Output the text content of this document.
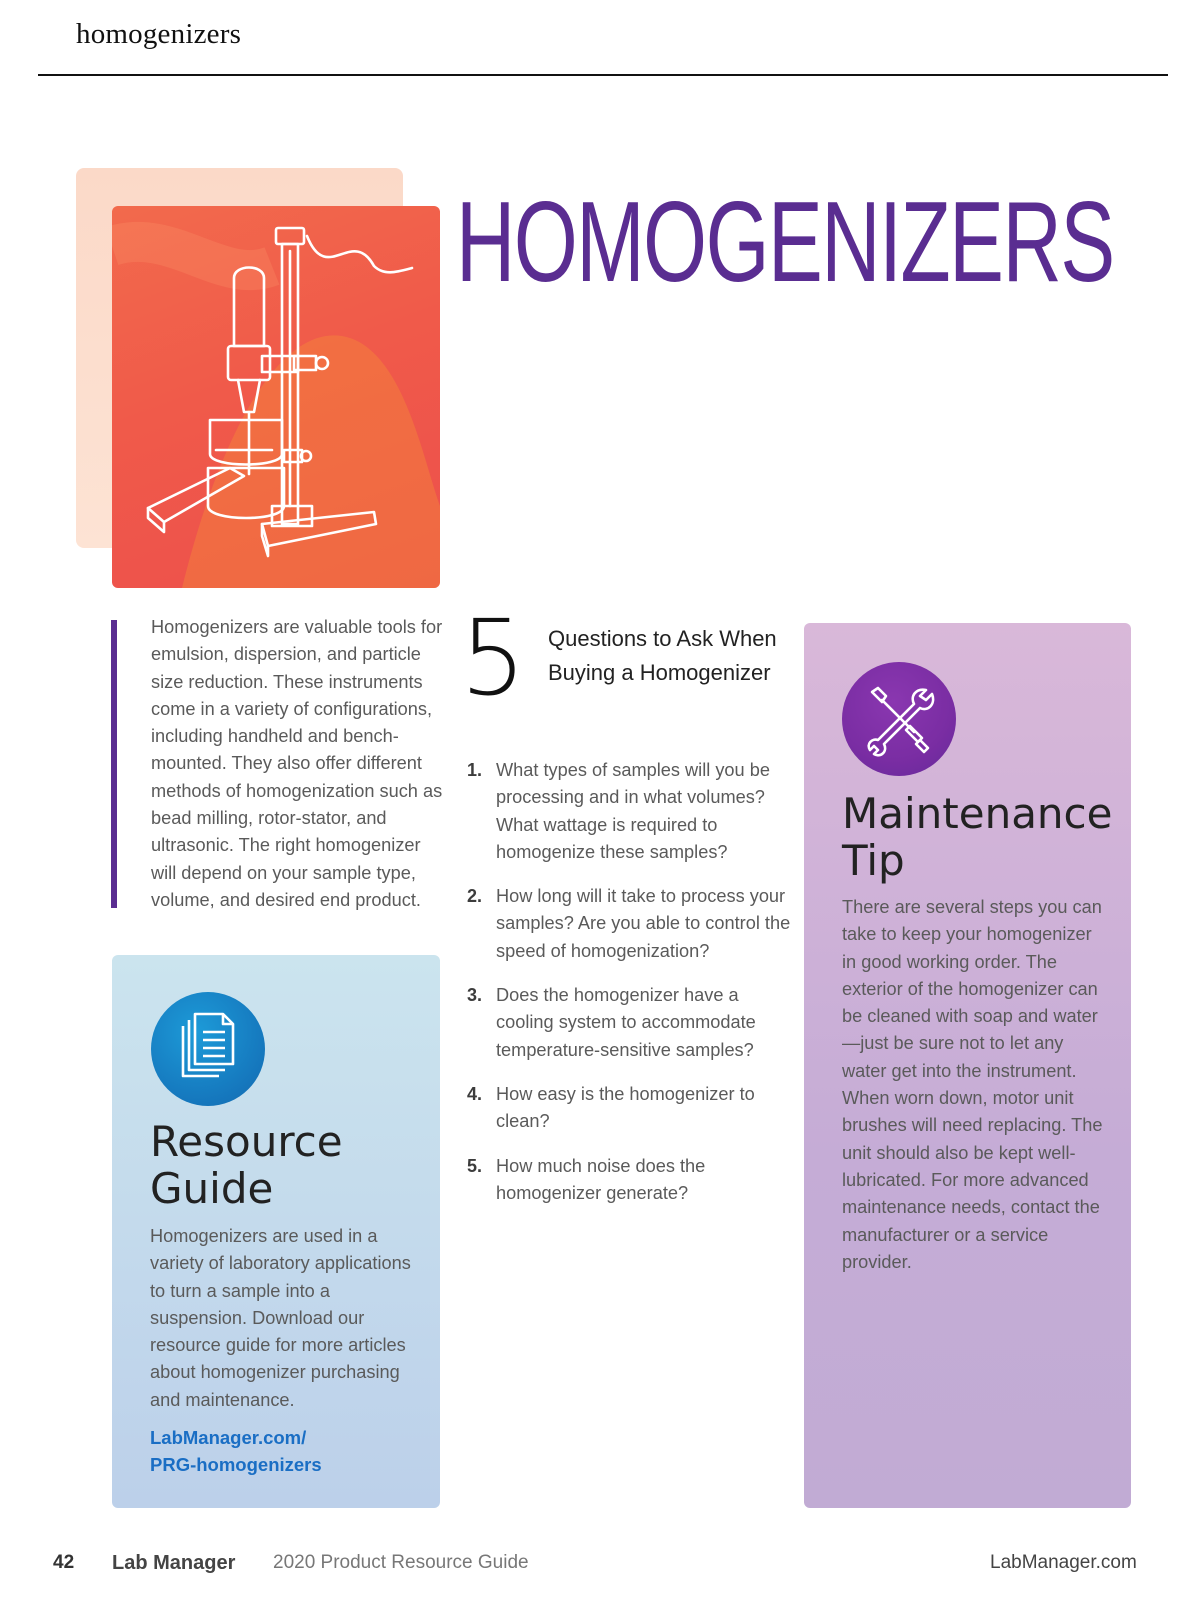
homogenizers
HOMOGENIZERS
Homogenizers are valuable tools for emulsion, dispersion, and particle size reduction. These instruments come in a variety of configurations, including handheld and bench-mounted. They also offer different methods of homogenization such as bead milling, rotor-stator, and ultrasonic. The right homogenizer will depend on your sample type, volume, and desired end product.
5 Questions to Ask When Buying a Homogenizer
1. What types of samples will you be processing and in what volumes? What wattage is required to homogenize these samples?
2. How long will it take to process your samples? Are you able to control the speed of homogenization?
3. Does the homogenizer have a cooling system to accommodate temperature-sensitive samples?
4. How easy is the homogenizer to clean?
5. How much noise does the homogenizer generate?
Resource Guide
Homogenizers are used in a variety of laboratory applications to turn a sample into a suspension. Download our resource guide for more articles about homogenizer purchasing and maintenance.
LabManager.com/
PRG-homogenizers
Maintenance Tip
There are several steps you can take to keep your homogenizer in good working order. The exterior of the homogenizer can be cleaned with soap and water—just be sure not to let any water get into the instrument. When worn down, motor unit brushes will need replacing. The unit should also be kept well-lubricated. For more advanced maintenance needs, contact the manufacturer or a service provider.
42 Lab Manager 2020 Product Resource Guide	LabManager.com
